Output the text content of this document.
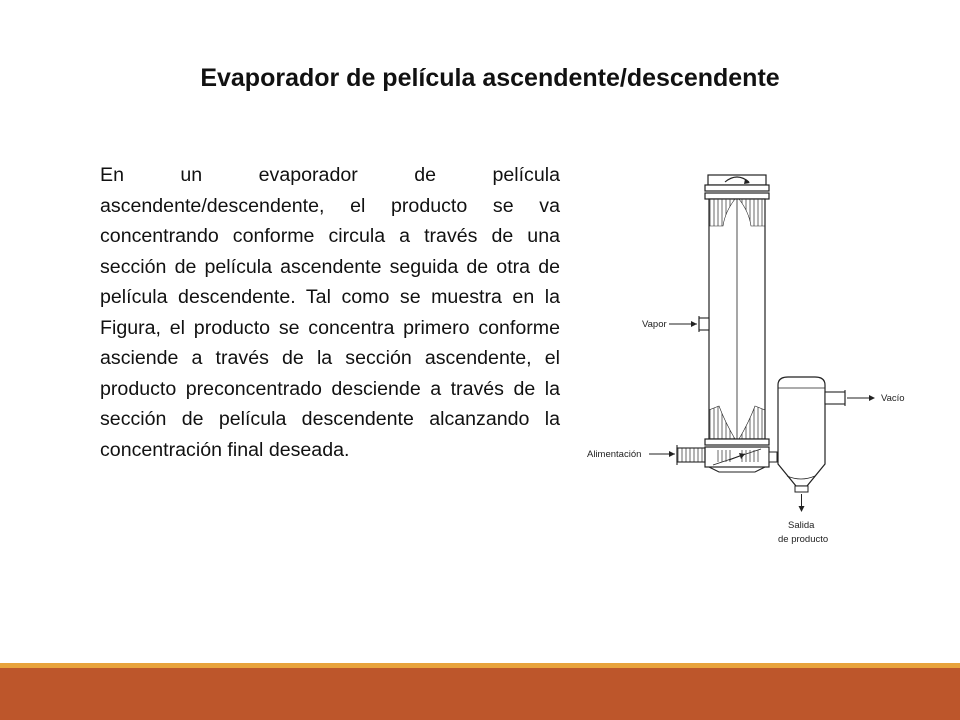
Evaporador de película ascendente/descendente
En un evaporador de película ascendente/descendente, el producto se va concentrando conforme circula a través de una sección de película ascendente seguida de otra de película descendente. Tal como se muestra en la Figura, el producto se concentra primero conforme asciende a través de la sección ascendente, el producto preconcentrado desciende a través de la sección de película descendente alcanzando la concentración final deseada.
Vapor
Alimentación
Salida
de producto
Vacío
